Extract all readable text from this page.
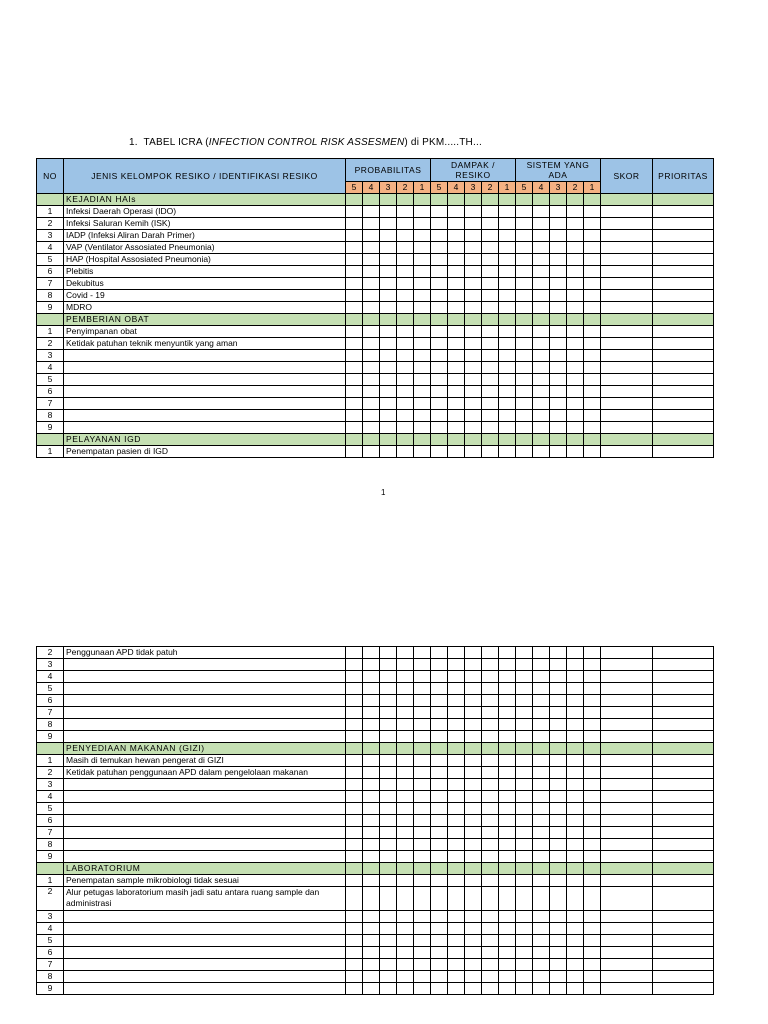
1. TABEL ICRA (INFECTION CONTROL RISK ASSESMEN) di PKM.....TH...
NO	JENIS KELOMPOK RESIKO / IDENTIFIKASI RESIKO	PROBABILITAS					DAMPAK / RESIKO					SISTEM YANG ADA					SKOR	PRIORITAS
		5	4	3	2	1	5	4	3	2	1	5	4	3	2	1		
	KEJADIAN HAIs																	
1	Infeksi Daerah Operasi (IDO)																	
2	Infeksi Saluran Kemih (ISK)																	
3	IADP (Infeksi Aliran Darah Primer)																	
4	VAP (Ventilator Assosiated Pneumonia)																	
5	HAP (Hospital Assosiated Pneumonia)																	
6	Plebitis																	
7	Dekubitus																	
8	Covid - 19																	
9	MDRO																	
	PEMBERIAN OBAT																	
1	Penyimpanan obat																	
2	Ketidak patuhan teknik menyuntik yang aman																	
3																		
4																		
5																		
6																		
7																		
8																		
9																		
	PELAYANAN IGD																	
1	Penempatan pasien di IGD																	
1
2	Penggunaan APD tidak patuh																	
3																		
4																		
5																		
6																		
7																		
8																		
9																		
	PENYEDIAAN MAKANAN (GIZI)																	
1	Masih di temukan hewan pengerat di GIZI																	
2	Ketidak patuhan penggunaan APD dalam pengelolaan makanan																	
3																		
4																		
5																		
6																		
7																		
8																		
9																		
	LABORATORIUM																	
1	Penempatan sample mikrobiologi tidak sesuai																	
2	Alur petugas laboratorium masih jadi satu antara ruang sample dan administrasi																	
3																		
4																		
5																		
6																		
7																		
8																		
9																		
